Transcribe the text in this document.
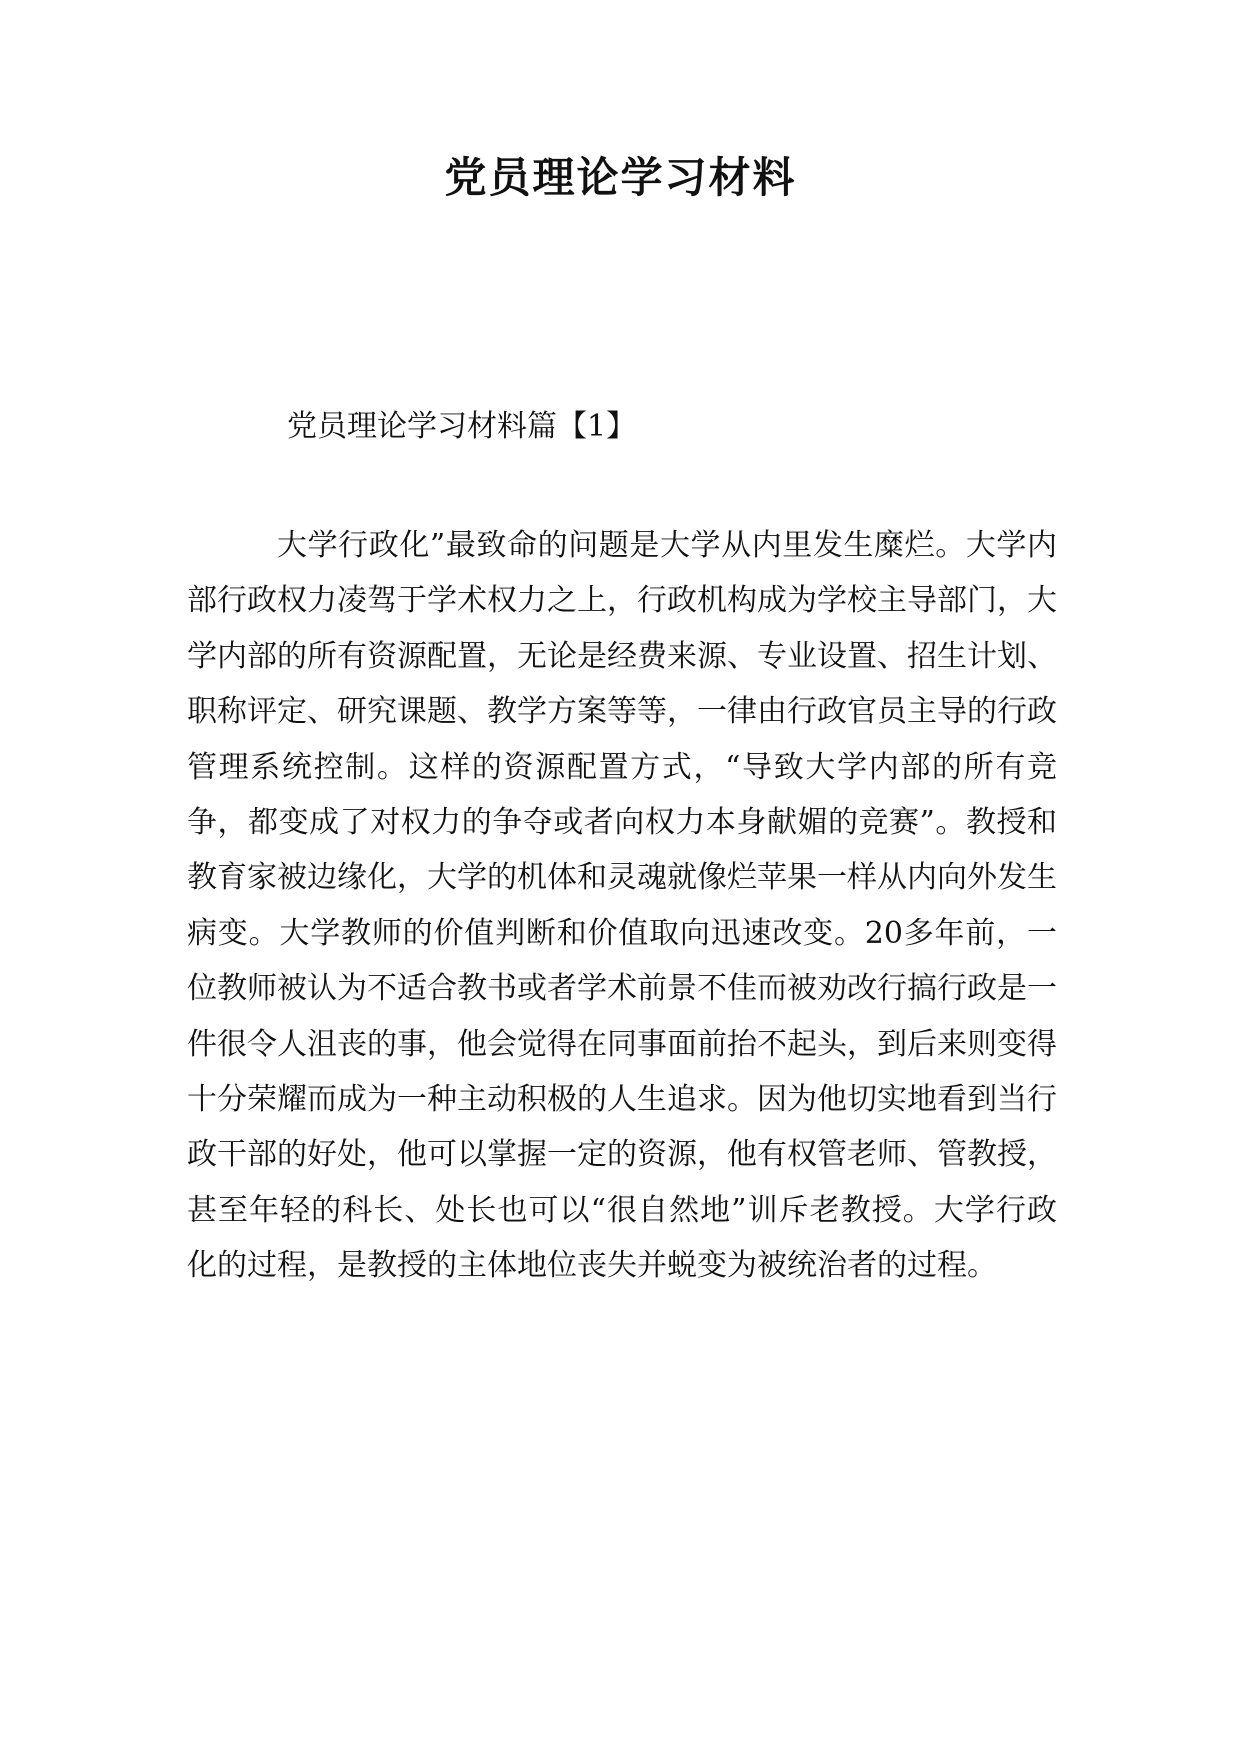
党员理论学习材料

党员理论学习材料篇【1】

大学行政化”最致命的问题是大学从内里发生糜烂。大学内部行政权力凌驾于学术权力之上，行政机构成为学校主导部门，大学内部的所有资源配置，无论是经费来源、专业设置、招生计划、职称评定、研究课题、教学方案等等，一律由行政官员主导的行政管理系统控制。这样的资源配置方式，“导致大学内部的所有竞争，都变成了对权力的争夺或者向权力本身献媚的竞赛”。教授和教育家被边缘化，大学的机体和灵魂就像烂苹果一样从内向外发生病变。大学教师的价值判断和价值取向迅速改变。20多年前，一位教师被认为不适合教书或者学术前景不佳而被劝改行搞行政是一件很令人沮丧的事，他会觉得在同事面前抬不起头，到后来则变得十分荣耀而成为一种主动积极的人生追求。因为他切实地看到当行政干部的好处，他可以掌握一定的资源，他有权管老师、管教授，甚至年轻的科长、处长也可以“很自然地”训斥老教授。大学行政化的过程，是教授的主体地位丧失并蜕变为被统治者的过程。
